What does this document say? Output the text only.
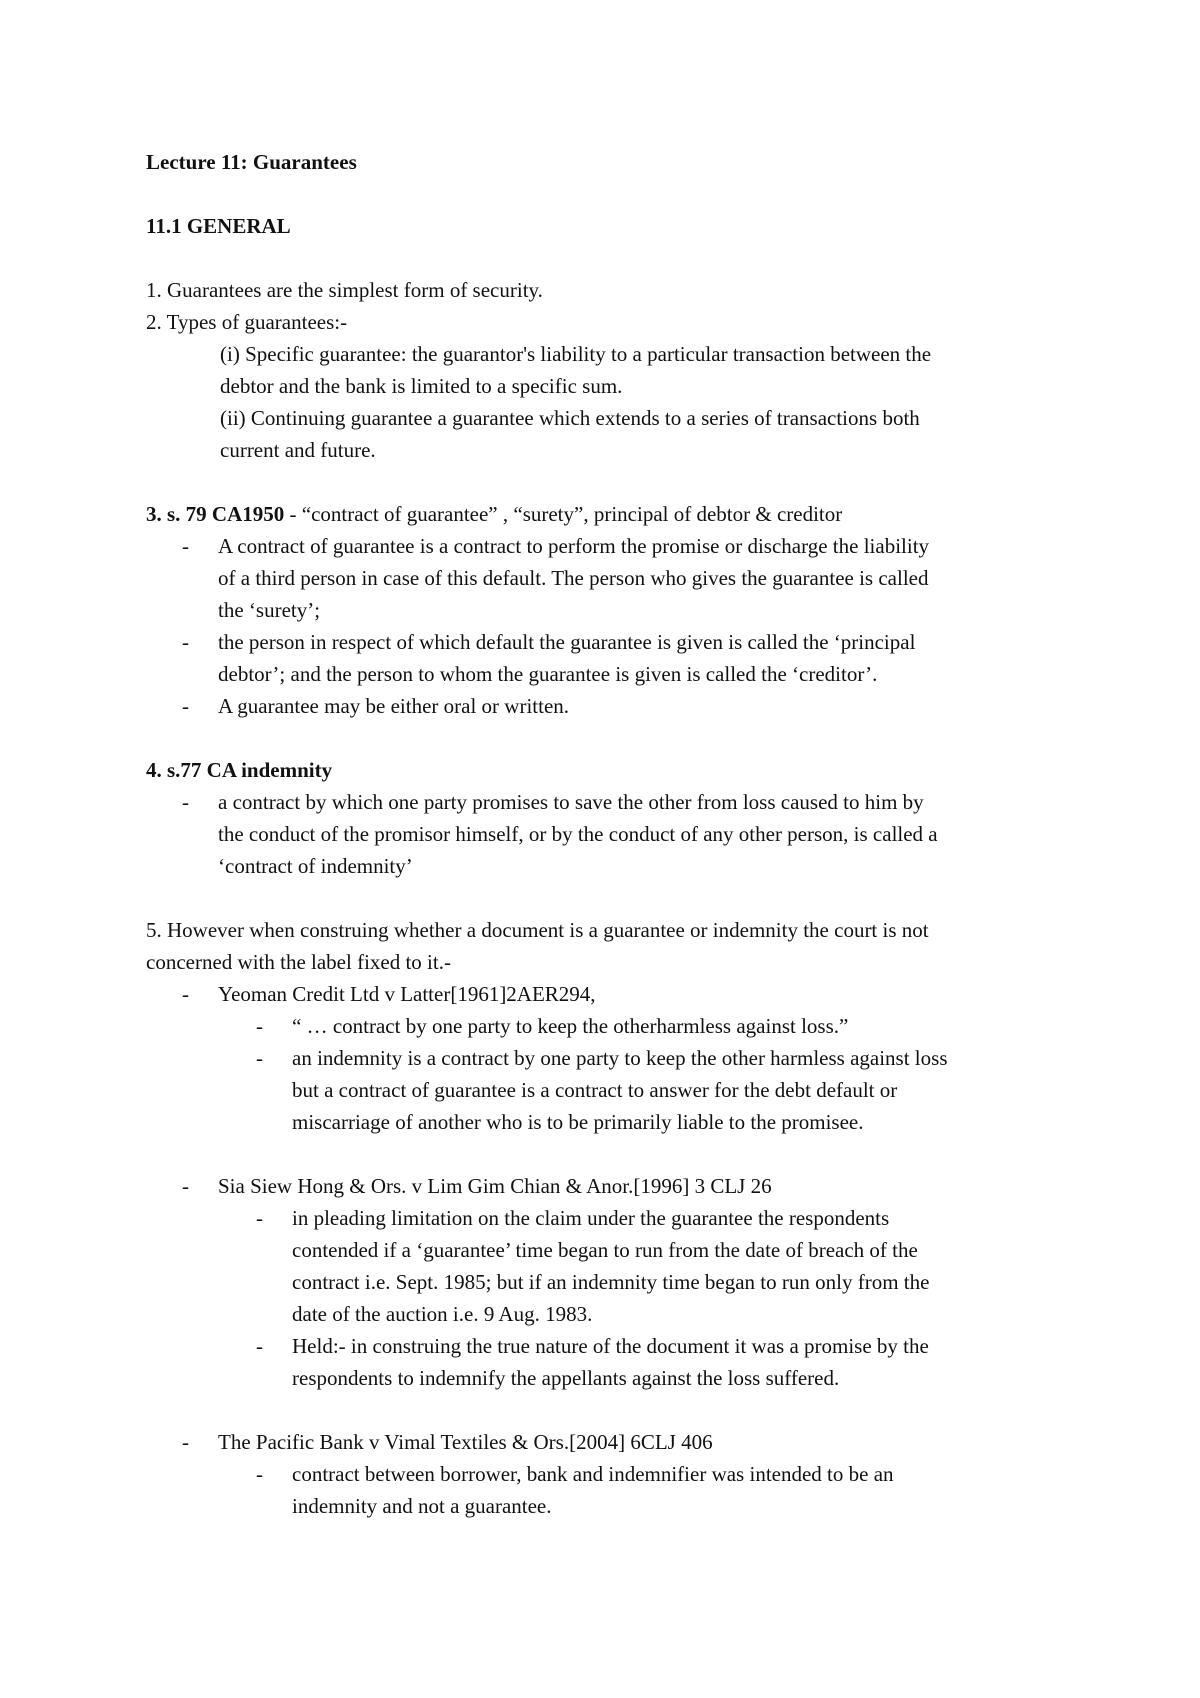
Lecture 11: Guarantees
11.1 GENERAL
1. Guarantees are the simplest form of security.
2. Types of guarantees:-
(i) Specific guarantee: the guarantor's liability to a particular transaction between the
debtor and the bank is limited to a specific sum.
(ii) Continuing guarantee a guarantee which extends to a series of transactions both
current and future.
3. s. 79 CA1950 - “contract of guarantee” , “surety”, principal of debtor & creditor
- A contract of guarantee is a contract to perform the promise or discharge the liability
of a third person in case of this default. The person who gives the guarantee is called
the ‘surety’;
- the person in respect of which default the guarantee is given is called the ‘principal
debtor’; and the person to whom the guarantee is given is called the ‘creditor’.
- A guarantee may be either oral or written.
4. s.77 CA indemnity
- a contract by which one party promises to save the other from loss caused to him by
the conduct of the promisor himself, or by the conduct of any other person, is called a
‘contract of indemnity’
5. However when construing whether a document is a guarantee or indemnity the court is not
concerned with the label fixed to it.-
- Yeoman Credit Ltd v Latter[1961]2AER294,
- “ … contract by one party to keep the otherharmless against loss.”
- an indemnity is a contract by one party to keep the other harmless against loss
but a contract of guarantee is a contract to answer for the debt default or
miscarriage of another who is to be primarily liable to the promisee.
- Sia Siew Hong & Ors. v Lim Gim Chian & Anor.[1996] 3 CLJ 26
- in pleading limitation on the claim under the guarantee the respondents
contended if a ‘guarantee’ time began to run from the date of breach of the
contract i.e. Sept. 1985; but if an indemnity time began to run only from the
date of the auction i.e. 9 Aug. 1983.
- Held:- in construing the true nature of the document it was a promise by the
respondents to indemnify the appellants against the loss suffered.
- The Pacific Bank v Vimal Textiles & Ors.[2004] 6CLJ 406
- contract between borrower, bank and indemnifier was intended to be an
indemnity and not a guarantee.
